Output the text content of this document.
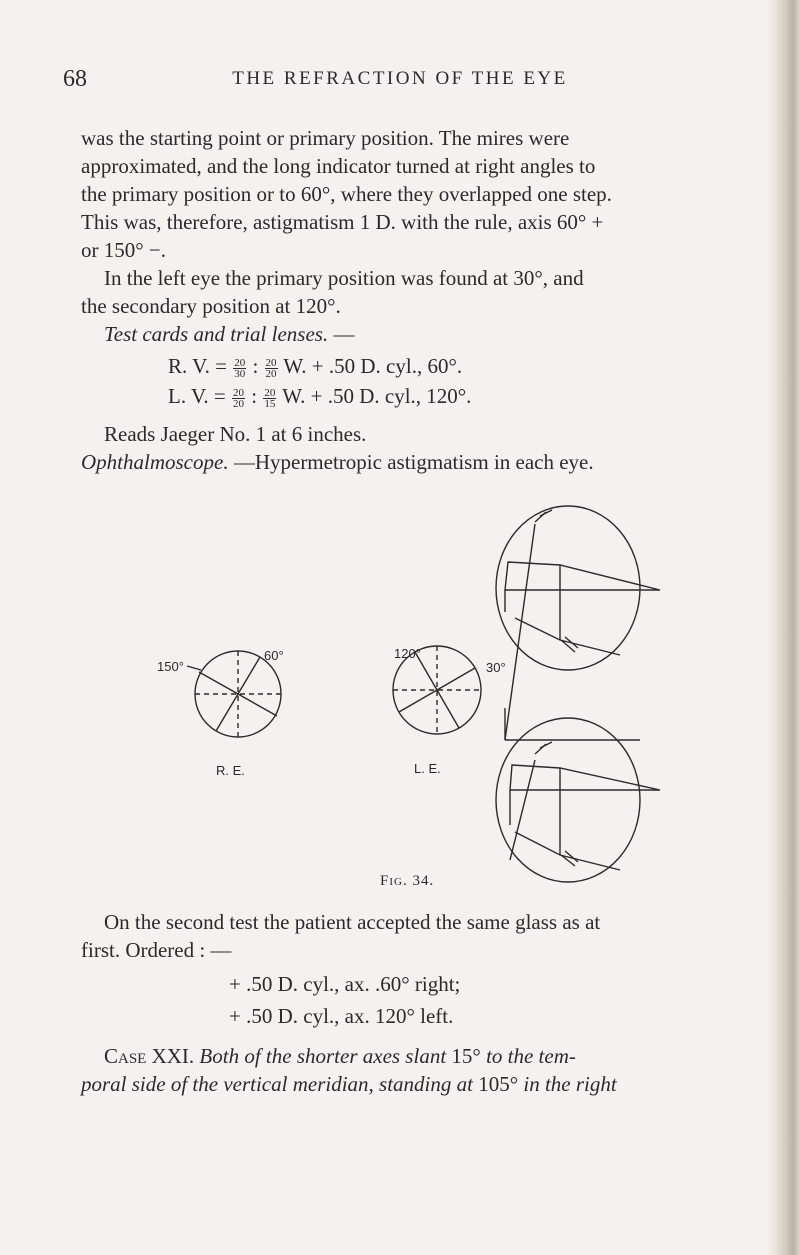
68	THE REFRACTION OF THE EYE
was the starting point or primary position. The mires were
approximated, and the long indicator turned at right angles to
the primary position or to 60°, where they overlapped one step.
This was, therefore, astigmatism 1 D. with the rule, axis 60° +
or 150° −.
In the left eye the primary position was found at 30°, and
the secondary position at 120°.
Test cards and trial lenses. —
R. V. = $\frac{20}{30}$ : $\frac{20}{20} W$. + .50 D. cyl., 60°.
L. V. = $\frac{20}{20}$ : $\frac{20}{15} W$. + .50 D. cyl., 120°.
Reads Jaeger No. 1 at 6 inches.
Ophthalmoscope. —Hypermetropic astigmatism in each eye.
150°
60°	120°
30°
R. E.	L. E.
Fig. 34.
On the second test the patient accepted the same glass as at
first. Ordered : —
+ .50 D. cyl., ax. .60° right;
+ .50 D. cyl., ax. 120° left.
Case XXI. Both of the shorter axes slant 15° to the tem-
poral side of the vertical meridian, standing at 105° in the right
